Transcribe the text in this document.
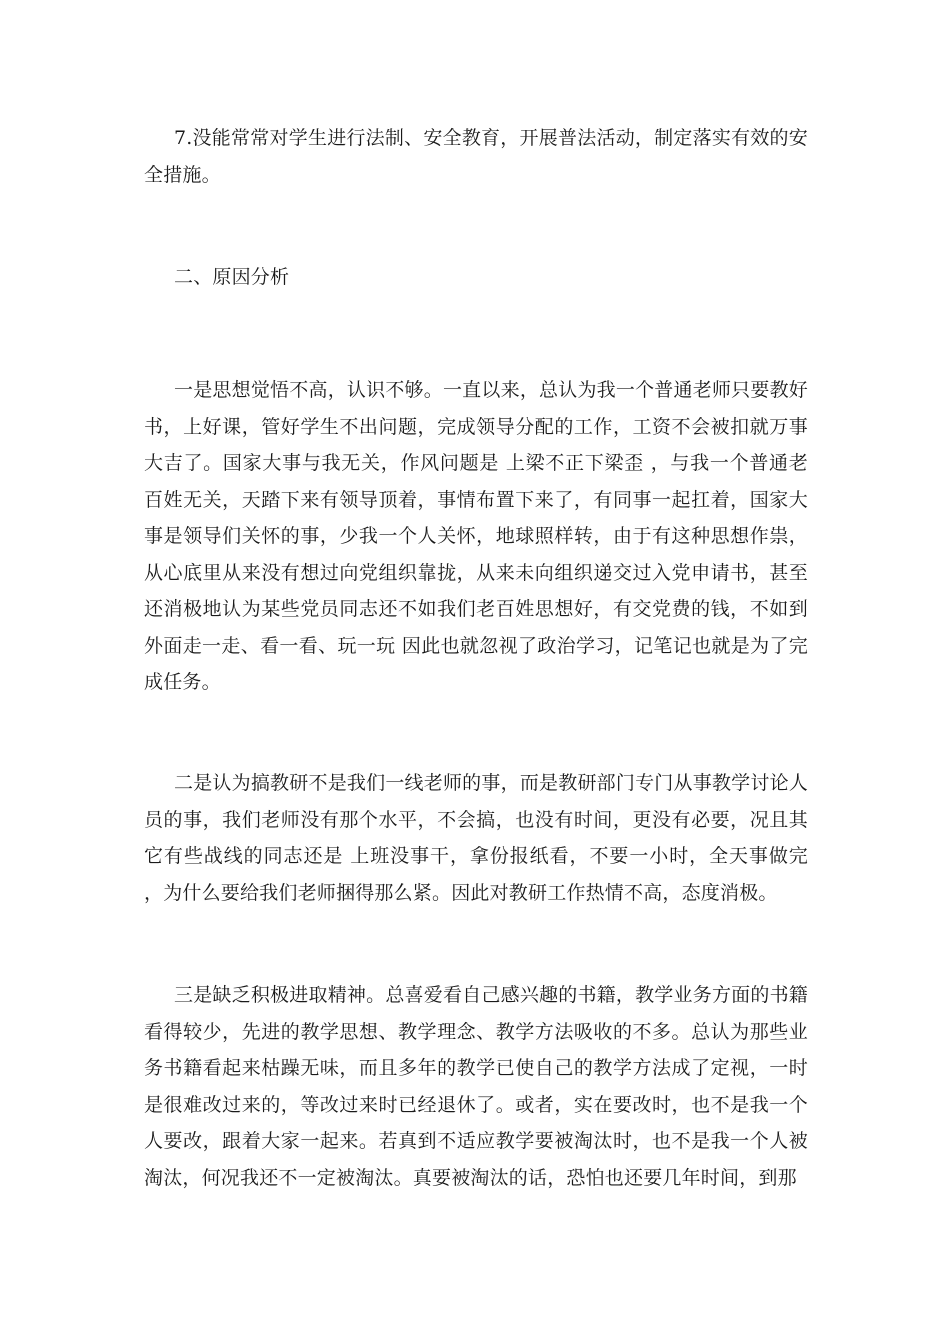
7.没能常常对学生进行法制、安全教育，开展普法活动，制定落实有效的安全措施。

二、原因分析

一是思想觉悟不高，认识不够。一直以来，总认为我一个普通老师只要教好书，上好课，管好学生不出问题，完成领导分配的工作，工资不会被扣就万事大吉了。国家大事与我无关，作风问题是 上梁不正下梁歪 ，与我一个普通老百姓无关，天踏下来有领导顶着，事情布置下来了，有同事一起扛着，国家大事是领导们关怀的事，少我一个人关怀，地球照样转，由于有这种思想作祟，从心底里从来没有想过向党组织靠拢，从来未向组织递交过入党申请书，甚至还消极地认为某些党员同志还不如我们老百姓思想好，有交党费的钱，不如到外面走一走、看一看、玩一玩 因此也就忽视了政治学习，记笔记也就是为了完成任务。

二是认为搞教研不是我们一线老师的事，而是教研部门专门从事教学讨论人员的事，我们老师没有那个水平，不会搞，也没有时间，更没有必要，况且其它有些战线的同志还是 上班没事干，拿份报纸看，不要一小时，全天事做完 ，为什么要给我们老师捆得那么紧。因此对教研工作热情不高，态度消极。

三是缺乏积极进取精神。总喜爱看自己感兴趣的书籍，教学业务方面的书籍看得较少，先进的教学思想、教学理念、教学方法吸收的不多。总认为那些业务书籍看起来枯躁无味，而且多年的教学已使自己的教学方法成了定视，一时是很难改过来的，等改过来时已经退休了。或者，实在要改时，也不是我一个人要改，跟着大家一起来。若真到不适应教学要被淘汰时，也不是我一个人被淘汰，何况我还不一定被淘汰。真要被淘汰的话，恐怕也还要几年时间，到那
